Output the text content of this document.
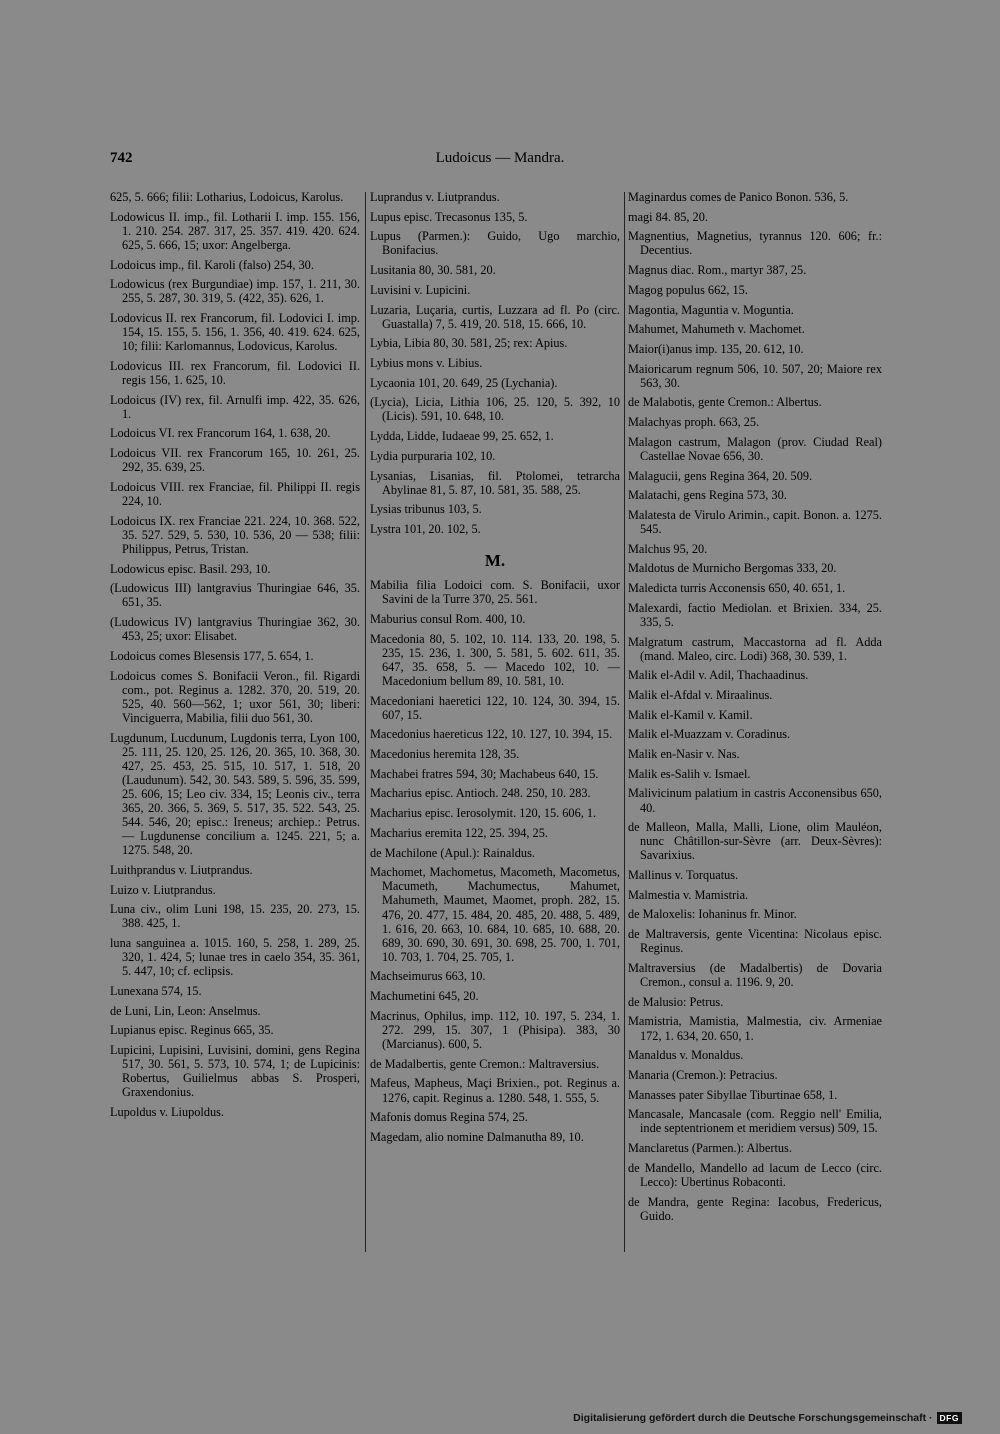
742	Ludoicus — Mandra.
625, 5. 666; filii: Lotharius, Lodoicus, Karolus.
Lodowicus II. imp., fil. Lotharii I. imp. 155. 156, 1. 210. 254. 287. 317, 25. 357. 419. 420. 624. 625, 5. 666, 15; uxor: Angelberga.
Lodoicus imp., fil. Karoli (falso) 254, 30.
Lodowicus (rex Burgundiae) imp. 157, 1. 211, 30. 255, 5. 287, 30. 319, 5. (422, 35). 626, 1.
Lodovicus II. rex Francorum, fil. Lodovici I. imp. 154, 15. 155, 5. 156, 1. 356, 40. 419. 624. 625, 10; filii: Karlomannus, Lodovicus, Karolus.
Lodovicus III. rex Francorum, fil. Lodovici II. regis 156, 1. 625, 10.
Lodoicus (IV) rex, fil. Arnulfi imp. 422, 35. 626, 1.
Lodoicus VI. rex Francorum 164, 1. 638, 20.
Lodoicus VII. rex Francorum 165, 10. 261, 25. 292, 35. 639, 25.
Lodoicus VIII. rex Franciae, fil. Philippi II. regis 224, 10.
Lodoicus IX. rex Franciae 221. 224, 10. 368. 522, 35. 527. 529, 5. 530, 10. 536, 20 — 538; filii: Philippus, Petrus, Tristan.
Lodowicus episc. Basil. 293, 10.
(Ludowicus III) lantgravius Thuringiae 646, 35. 651, 35.
(Ludowicus IV) lantgravius Thuringiae 362, 30. 453, 25; uxor: Elisabet.
Lodoicus comes Blesensis 177, 5. 654, 1.
Lodoicus comes S. Bonifacii Veron., fil. Rigardi com., pot. Reginus a. 1282. 370, 20. 519, 20. 525, 40. 560—562, 1; uxor 561, 30; liberi: Vinciguerra, Mabilia, filii duo 561, 30.
Lugdunum, Lucdunum, Lugdonis terra, Lyon 100, 25. 111, 25. 120, 25. 126, 20. 365, 10. 368, 30. 427, 25. 453, 25. 515, 10. 517, 1. 518, 20 (Laudunum). 542, 30. 543. 589, 5. 596, 35. 599, 25. 606, 15; Leo civ. 334, 15; Leonis civ., terra 365, 20. 366, 5. 369, 5. 517, 35. 522. 543, 25. 544. 546, 20; episc.: Ireneus; archiep.: Petrus. — Lugdunense concilium a. 1245. 221, 5; a. 1275. 548, 20.
Luithprandus v. Liutprandus.
Luizo v. Liutprandus.
Luna civ., olim Luni 198, 15. 235, 20. 273, 15. 388. 425, 1.
luna sanguinea a. 1015. 160, 5. 258, 1. 289, 25. 320, 1. 424, 5; lunae tres in caelo 354, 35. 361, 5. 447, 10; cf. eclipsis.
Lunexana 574, 15.
de Luni, Lin, Leon: Anselmus.
Lupianus episc. Reginus 665, 35.
Lupicini, Lupisini, Luvisini, domini, gens Regina 517, 30. 561, 5. 573, 10. 574, 1; de Lupicinis: Robertus, Guilielmus abbas S. Prosperi, Graxendonius.
Lupoldus v. Liupoldus.
Luprandus v. Liutprandus.
Lupus episc. Trecasonus 135, 5.
Lupus (Parmen.): Guido, Ugo marchio, Bonifacius.
Lusitania 80, 30. 581, 20.
Luvisini v. Lupicini.
Luzaria, Luçaria, curtis, Luzzara ad fl. Po (circ. Guastalla) 7, 5. 419, 20. 518, 15. 666, 10.
Lybia, Libia 80, 30. 581, 25; rex: Apius.
Lybius mons v. Libius.
Lycaonia 101, 20. 649, 25 (Lychania).
(Lycia), Licia, Lithia 106, 25. 120, 5. 392, 10 (Licis). 591, 10. 648, 10.
Lydda, Lidde, Iudaeae 99, 25. 652, 1.
Lydia purpuraria 102, 10.
Lysanias, Lisanias, fil. Ptolomei, tetrarcha Abylinae 81, 5. 87, 10. 581, 35. 588, 25.
Lysias tribunus 103, 5.
Lystra 101, 20. 102, 5.
M.
Mabilia filia Lodoici com. S. Bonifacii, uxor Savini de la Turre 370, 25. 561.
Maburius consul Rom. 400, 10.
Macedonia 80, 5. 102, 10. 114. 133, 20. 198, 5. 235, 15. 236, 1. 300, 5. 581, 5. 602. 611, 35. 647, 35. 658, 5. — Macedo 102, 10. — Macedonium bellum 89, 10. 581, 10.
Macedoniani haeretici 122, 10. 124, 30. 394, 15. 607, 15.
Macedonius haereticus 122, 10. 127, 10. 394, 15.
Macedonius heremita 128, 35.
Machabei fratres 594, 30; Machabeus 640, 15.
Macharius episc. Antioch. 248. 250, 10. 283.
Macharius episc. Ierosolymit. 120, 15. 606, 1.
Macharius eremita 122, 25. 394, 25.
de Machilone (Apul.): Rainaldus.
Machomet, Machometus, Macometh, Macometus, Macumeth, Machumectus, Mahumet, Mahumeth, Maumet, Maomet, proph. 282, 15. 476, 20. 477, 15. 484, 20. 485, 20. 488, 5. 489, 1. 616, 20. 663, 10. 684, 10. 685, 10. 688, 20. 689, 30. 690, 30. 691, 30. 698, 25. 700, 1. 701, 10. 703, 1. 704, 25. 705, 1.
Machseimurus 663, 10.
Machumetini 645, 20.
Macrinus, Ophilus, imp. 112, 10. 197, 5. 234, 1. 272. 299, 15. 307, 1 (Phisipa). 383, 30 (Marcianus). 600, 5.
de Madalbertis, gente Cremon.: Maltraversius.
Mafeus, Mapheus, Maçi Brixien., pot. Reginus a. 1276, capit. Reginus a. 1280. 548, 1. 555, 5.
Mafonis domus Regina 574, 25.
Magedam, alio nomine Dalmanutha 89, 10.
Maginardus comes de Panico Bonon. 536, 5.
magi 84. 85, 20.
Magnentius, Magnetius, tyrannus 120. 606; fr.: Decentius.
Magnus diac. Rom., martyr 387, 25.
Magog populus 662, 15.
Magontia, Maguntia v. Moguntia.
Mahumet, Mahumeth v. Machomet.
Maior(i)anus imp. 135, 20. 612, 10.
Maioricarum regnum 506, 10. 507, 20; Maiore rex 563, 30.
de Malabotis, gente Cremon.: Albertus.
Malachyas proph. 663, 25.
Malagon castrum, Malagon (prov. Ciudad Real) Castellae Novae 656, 30.
Malagucii, gens Regina 364, 20. 509.
Malatachi, gens Regina 573, 30.
Malatesta de Virulo Arimin., capit. Bonon. a. 1275. 545.
Malchus 95, 20.
Maldotus de Murnicho Bergomas 333, 20.
Maledicta turris Acconensis 650, 40. 651, 1.
Malexardi, factio Mediolan. et Brixien. 334, 25. 335, 5.
Malgratum castrum, Maccastorna ad fl. Adda (mand. Maleo, circ. Lodi) 368, 30. 539, 1.
Malik el-Adil v. Adil, Thachaadinus.
Malik el-Afdal v. Miraalinus.
Malik el-Kamil v. Kamil.
Malik el-Muazzam v. Coradinus.
Malik en-Nasir v. Nas.
Malik es-Salih v. Ismael.
Malivicinum palatium in castris Acconensibus 650, 40.
de Malleon, Malla, Malli, Lione, olim Mauléon, nunc Châtillon-sur-Sèvre (arr. Deux-Sèvres): Savarixius.
Mallinus v. Torquatus.
Malmestia v. Mamistria.
de Maloxelis: Iohaninus fr. Minor.
de Maltraversis, gente Vicentina: Nicolaus episc. Reginus.
Maltraversius (de Madalbertis) de Dovaria Cremon., consul a. 1196. 9, 20.
de Malusio: Petrus.
Mamistria, Mamistia, Malmestia, civ. Armeniae 172, 1. 634, 20. 650, 1.
Manaldus v. Monaldus.
Manaria (Cremon.): Petracius.
Manasses pater Sibyllae Tiburtinae 658, 1.
Mancasale, Mancasale (com. Reggio nell' Emilia, inde septentrionem et meridiem versus) 509, 15.
Manclaretus (Parmen.): Albertus.
de Mandello, Mandello ad lacum de Lecco (circ. Lecco): Ubertinus Robaconti.
de Mandra, gente Regina: Iacobus, Fredericus, Guido.
Digitalisierung gefördert durch die Deutsche Forschungsgemeinschaft · DFG
